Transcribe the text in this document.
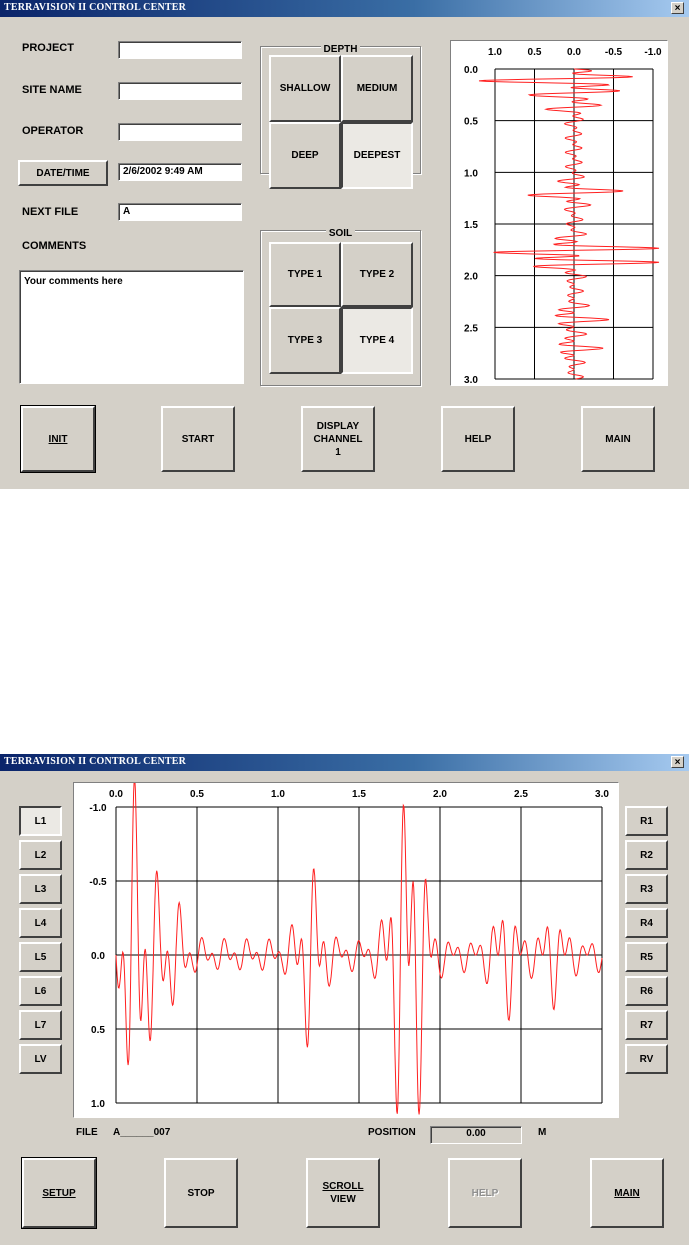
TERRAVISION II CONTROL CENTER	×
PROJECT
SITE NAME
OPERATOR
DATE/TIME	2/6/2002 9:49 AM
NEXT FILE	A
COMMENTS
Your comments here
DEPTH
SHALLOW	MEDIUM
DEEP	DEEPEST
SOIL
TYPE 1	TYPE 2
TYPE 3	TYPE 4
1.0	0.5	0.0 -0.5 -1.0
0.0
0.5
1.0
1.5
2.0
2.5
3.0
INIT	START
DISPLAY
CHANNEL
1
HELP	MAIN
TERRAVISION II CONTROL CENTER	×
L1
L2
L3
L4
L5
L6
L7
LV
R1
R2
R3
R4
R5
R6
R7
RV
0.0	0.5	1.0	1.5	2.0	2.5	3.0
-1.0
-0.5
0.0
0.5
1.0
FILE A______007	POSITION	0.00	M
SETUP	STOP
SCROLL
VIEW
HELP	MAIN
